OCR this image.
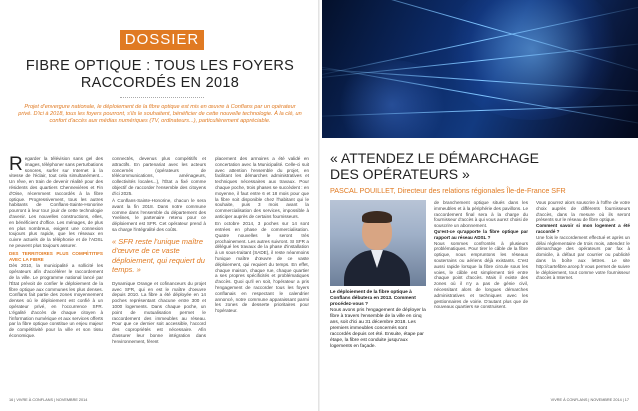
DOSSIER
FIBRE OPTIQUE : TOUS LES FOYERS
RACCORDÉS EN 2018
Projet d'envergure nationale, le déploiement de la fibre optique est mis en œuvre à Conflans par un opérateur privé. D'ici à 2018, tous les foyers pourront, s'ils le souhaitent, bénéficier de cette nouvelle technologie. À la clé, un confort d'accès aux médias numériques (TV, ordinateurs...), particulièrement appréciable.

Regarder la télévision sans gel des images, téléphoner sans perturbations sonores, surfer sur Internet à la vitesse de l'éclair, tout cela simultanément... Un rêve, en train de devenir réalité pour des résidents des quartiers Chennevières et Fin d'Oise, récemment raccordés à la fibre optique. Progressivement, tous les autres habitants de Conflans-Sainte-Honorine pourront à leur tour jouir de cette technologie d'avenir. Les nouvelles constructions, elles, en bénéficient d'office. Les ménages, de plus en plus nombreux, exigent une connexion toujours plus rapide, que les réseaux en cuivre actuels de la téléphonie et de l'ADSL ne peuvent plus toujours assurer.

DES TERRITOIRES PLUS COMPÉTITIFS AVEC LA FIBRE

Dès 2010, la municipalité a sollicité les opérateurs afin d'accélérer le raccordement de la ville. Le programme national lancé par l'État prévoit de confier le déploiement de la fibre optique aux communes les plus denses. Conflans fait partie des zones moyennement denses où le déploiement est confié à un opérateur privé, en l'occurrence SFR. L'égalité d'accès de chaque citoyen à l'information numérique et aux services offerts par la fibre optique constitue un enjeu majeur de compétitivité pour la ville et son tissu économique.

connectés, devenus plus compétitifs et attractifs. En partenariat avec les acteurs concernés (opérateurs de télécommunications, aménageurs, collectivités locales...), l'État a fixé comme objectif de raccorder l'ensemble des citoyens d'ici 2025.

À Conflans-Sainte-Honorine, chacun le sera avant la fin 2018. Dans notre commune comme dans l'ensemble du département des Yvelines, le partenaire retenu pour ce déploiement est SFR. Cet opérateur prend à sa charge l'intégralité des coûts.

« SFR reste l'unique maître d'œuvre de ce vaste déploiement, qui requiert du temps. »

Dynamique Orange et cofinanceurs du projet avec SFR, qui en est le maître d'oeuvre depuis 2010. La fibre a été déployée en 14 poches représentant chacune entre 300 et 1000 logements. Dans chaque poche, un point de mutualisation permet le raccordement des immeubles au réseau. Pour que ce dernier soit accessible, l'accord des copropriétés est nécessaire. Afin d'assurer leur bonne intégration dans l'environnement, fèrent

placement des armoires a été validé en concertation avec la Municipalité. Celle-ci suit avec attention l'ensemble du projet, en facilitant les démarches administratives et techniques nécessaires aux travaux. Pour chaque poche, trois phases se succèdent : en moyenne, il faut entre 6 et 18 mois pour que la fibre soit disponible chez l'habitant qui le souhaite, puis 3 mois avant la commercialisation des services, impossible à anticiper auprès de certains fournisseurs.

En octobre 2014, 3 poches sur 14 sont entrées en phase de commercialisation. Quatre nouvelles le seront très prochainement. Les autres suivront. SI SFR a délégué les travaux de la phase d'installation à un sous-traitant (SADE), il reste néanmoins l'unique maître d'œuvre de ce vaste déploiement, qui requiert du temps. En effet, chaque maison, chaque rue, chaque quartier a ses propres spécificités et problématiques d'accès. Quoi qu'il en soit, l'opérateur a pris l'engagement de raccorder tous les foyers conflanais en respectant le calendrier annoncé, notre commune apparaissant parmi les zones de desserte prioritaires pour l'opérateur.

16 | VIVRE À CONFLANS | NOVEMBRE 2014
« ATTENDEZ LE DÉMARCHAGE
DES OPÉRATEURS »
PASCAL POUILLET, Directeur des relations régionales Île-de-France SFR

Le déploiement de la fibre optique à Conflans débutera en 2013. Comment procédez-vous ?

Nous avons pris l'engagement de déployer la fibre à travers l'ensemble de la ville en cinq ans, soit d'ici au 31 décembre 2018. Les premiers immeubles concernés sont raccordés depuis cet été. Ensuite, étape par étape, la fibre est conduite jusqu'aux logements en façade.

de branchement optique situés dans les immeubles et à la périphérie des pavillons. Le raccordement final sera à la charge du fournisseur d'accès à qui vous aurez choisi de souscrire un abonnement.

Qu'est-ce qu'apporte la fibre optique par rapport au réseau ADSL ?

Nous sommes confrontés à plusieurs problématiques. Pour tirer le câble de la fibre optique, nous empruntons les réseaux souterrains ou aériens déjà existants. C'est aussi rapide lorsque la fibre circule sous les voies, le câble est simplement tiré entre chaque point d'accès. Mais il existe des zones où il n'y a pas de génie civil, nécessitant alors de longues démarches administratives et techniques avec les gestionnaires de voirie. D'autant plus que de nouveaux quartiers se construisent.

Vous pourrez alors souscrire à l'offre de votre choix auprès de différents fournisseurs d'accès, dans la mesure où ils seront présents sur le réseau de fibre optique.

Comment savoir si mon logement a été raccordé ?

Une fois le raccordement effectué et après un délai réglementaire de trois mois, attendez le démarchage des opérateurs par fax à domicile, à défaut par courrier ou publicité dans la boîte aux lettres. Le site http://cartefibre.arcep.fr vous permet de suivre le déploiement, tout comme votre fournisseur d'accès à Internet.

VIVRE À CONFLANS | NOVEMBRE 2014 | 17
